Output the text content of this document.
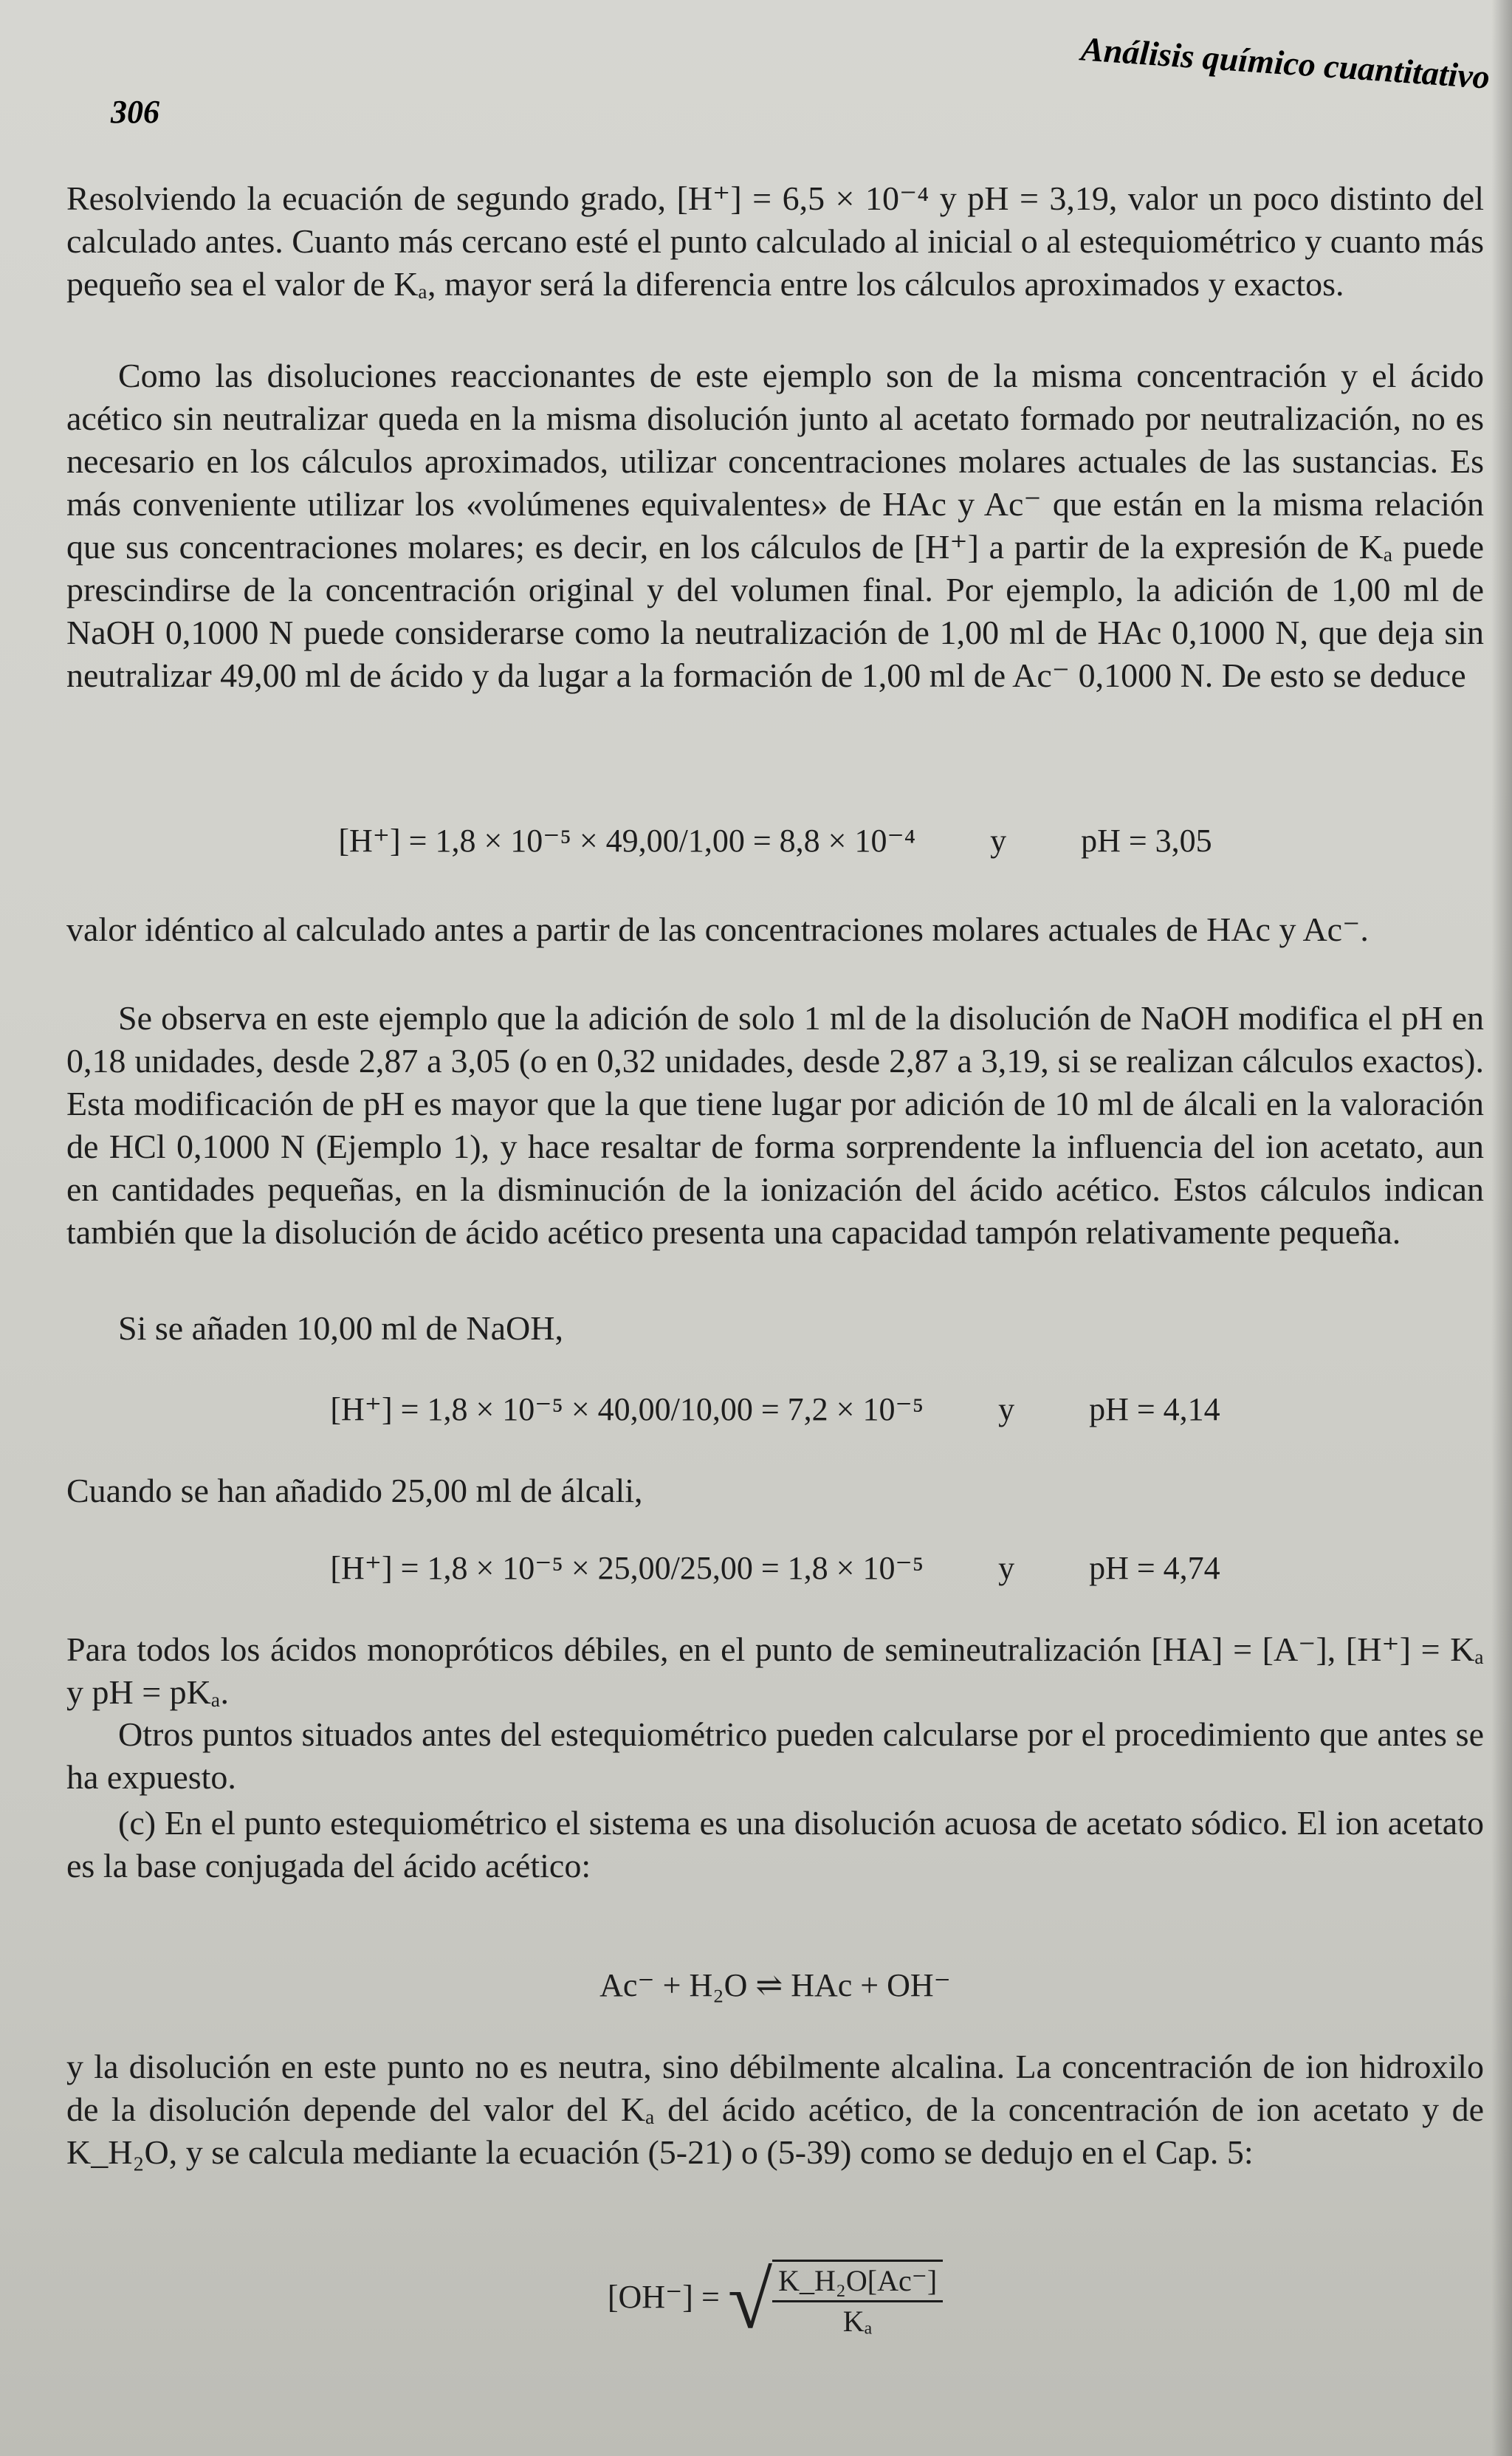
306
Análisis químico cuantitativo

Resolviendo la ecuación de segundo grado, [H⁺] = 6,5 × 10⁻⁴ y pH = 3,19, valor un poco distinto del calculado antes. Cuanto más cercano esté el punto calculado al inicial o al estequiométrico y cuanto más pequeño sea el valor de Kₐ, mayor será la diferencia entre los cálculos aproximados y exactos.

Como las disoluciones reaccionantes de este ejemplo son de la misma concentración y el ácido acético sin neutralizar queda en la misma disolución junto al acetato formado por neutralización, no es necesario en los cálculos aproximados, utilizar concentraciones molares actuales de las sustancias. Es más conveniente utilizar los «volúmenes equivalentes» de HAc y Ac⁻ que están en la misma relación que sus concentraciones molares; es decir, en los cálculos de [H⁺] a partir de la expresión de Kₐ puede prescindirse de la concentración original y del volumen final. Por ejemplo, la adición de 1,00 ml de NaOH 0,1000 N puede considerarse como la neutralización de 1,00 ml de HAc 0,1000 N, que deja sin neutralizar 49,00 ml de ácido y da lugar a la formación de 1,00 ml de Ac⁻ 0,1000 N. De esto se deduce

[H⁺] = 1,8 × 10⁻⁵ × 49,00/1,00 = 8,8 × 10⁻⁴ y pH = 3,05

valor idéntico al calculado antes a partir de las concentraciones molares actuales de HAc y Ac⁻.

Se observa en este ejemplo que la adición de solo 1 ml de la disolución de NaOH modifica el pH en 0,18 unidades, desde 2,87 a 3,05 (o en 0,32 unidades, desde 2,87 a 3,19, si se realizan cálculos exactos). Esta modificación de pH es mayor que la que tiene lugar por adición de 10 ml de álcali en la valoración de HCl 0,1000 N (Ejemplo 1), y hace resaltar de forma sorprendente la influencia del ion acetato, aun en cantidades pequeñas, en la disminución de la ionización del ácido acético. Estos cálculos indican también que la disolución de ácido acético presenta una capacidad tampón relativamente pequeña.

Si se añaden 10,00 ml de NaOH,

[H⁺] = 1,8 × 10⁻⁵ × 40,00/10,00 = 7,2 × 10⁻⁵ y pH = 4,14

Cuando se han añadido 25,00 ml de álcali,

[H⁺] = 1,8 × 10⁻⁵ × 25,00/25,00 = 1,8 × 10⁻⁵ y pH = 4,74

Para todos los ácidos monopróticos débiles, en el punto de semineutralización [HA] = [A⁻], [H⁺] = Kₐ y pH = pKₐ.

Otros puntos situados antes del estequiométrico pueden calcularse por el procedimiento que antes se ha expuesto.

(c) En el punto estequiométrico el sistema es una disolución acuosa de acetato sódico. El ion acetato es la base conjugada del ácido acético:

Ac⁻ + H₂O ⇌ HAc + OH⁻

y la disolución en este punto no es neutra, sino débilmente alcalina. La concentración de ion hidroxilo de la disolución depende del valor del Kₐ del ácido acético, de la concentración de ion acetato y de K_H₂O, y se calcula mediante la ecuación (5-21) o (5-39) como se dedujo en el Cap. 5:

[OH⁻] = √ $\frac{\text{K\_H₂O[Ac⁻]}}{\text{Kₐ}}$
